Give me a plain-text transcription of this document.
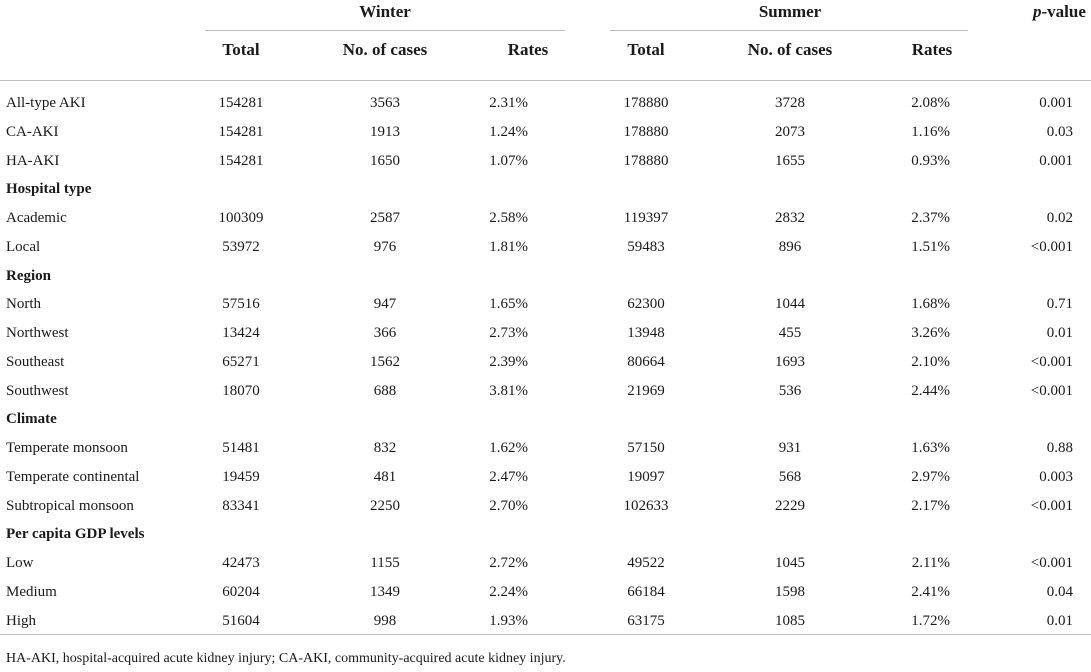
Winter	Summer	p-value
Total	No. of cases	Rates	Total	No. of cases	Rates
All-type AKI	154281	3563	2.31%	178880	3728	2.08%	0.001
CA-AKI	154281	1913	1.24%	178880	2073	1.16%	0.03
HA-AKI	154281	1650	1.07%	178880	1655	0.93%	0.001
Hospital type
Academic	100309	2587	2.58%	119397	2832	2.37%	0.02
Local	53972	976	1.81%	59483	896	1.51%	<0.001
Region
North	57516	947	1.65%	62300	1044	1.68%	0.71
Northwest	13424	366	2.73%	13948	455	3.26%	0.01
Southeast	65271	1562	2.39%	80664	1693	2.10%	<0.001
Southwest	18070	688	3.81%	21969	536	2.44%	<0.001
Climate
Temperate monsoon	51481	832	1.62%	57150	931	1.63%	0.88
Temperate continental	19459	481	2.47%	19097	568	2.97%	0.003
Subtropical monsoon	83341	2250	2.70%	102633	2229	2.17%	<0.001
Per capita GDP levels
Low	42473	1155	2.72%	49522	1045	2.11%	<0.001
Medium	60204	1349	2.24%	66184	1598	2.41%	0.04
High	51604	998	1.93%	63175	1085	1.72%	0.01
HA-AKI, hospital-acquired acute kidney injury; CA-AKI, community-acquired acute kidney injury.
